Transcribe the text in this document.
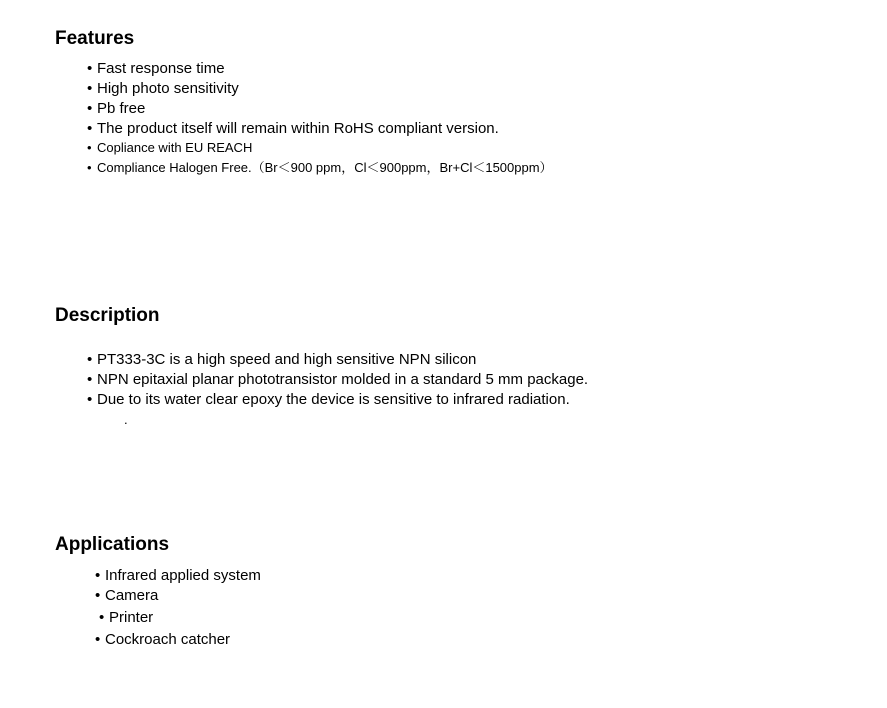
Features
• Fast response time
• High photo sensitivity
• Pb free
• The product itself will remain within RoHS compliant version.
• Copliance with EU REACH
• Compliance Halogen Free.（Br＜900 ppm，Cl＜900ppm，Br+Cl＜1500ppm）
Description
• PT333-3C is a high speed and high sensitive NPN silicon
• NPN epitaxial planar phototransistor molded in a standard 5 mm package.
• Due to its water clear epoxy the device is sensitive to infrared radiation.
.
Applications
• Infrared applied system
• Camera
• Printer
• Cockroach catcher
